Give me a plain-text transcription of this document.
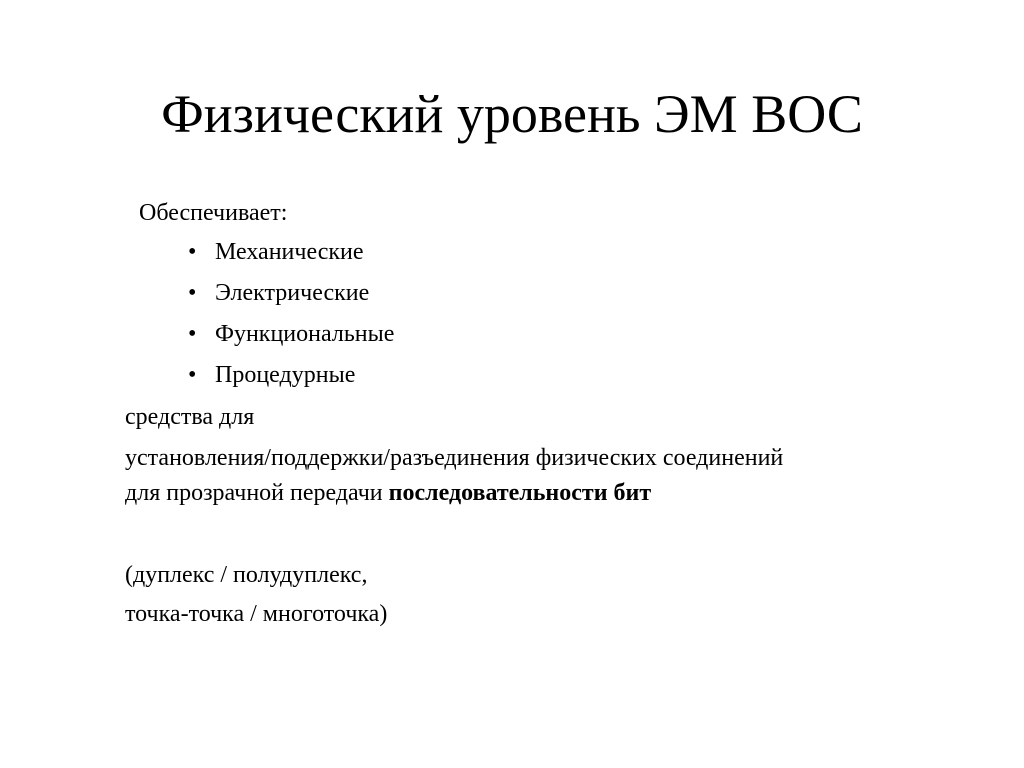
Физический уровень ЭМ ВОС
Обеспечивает:
• Механические
• Электрические
• Функциональные
• Процедурные
средства для
установления/поддержки/разъединения физических соединений
для прозрачной передачи последовательности бит
(дуплекс / полудуплекс,
точка-точка / многоточка)
